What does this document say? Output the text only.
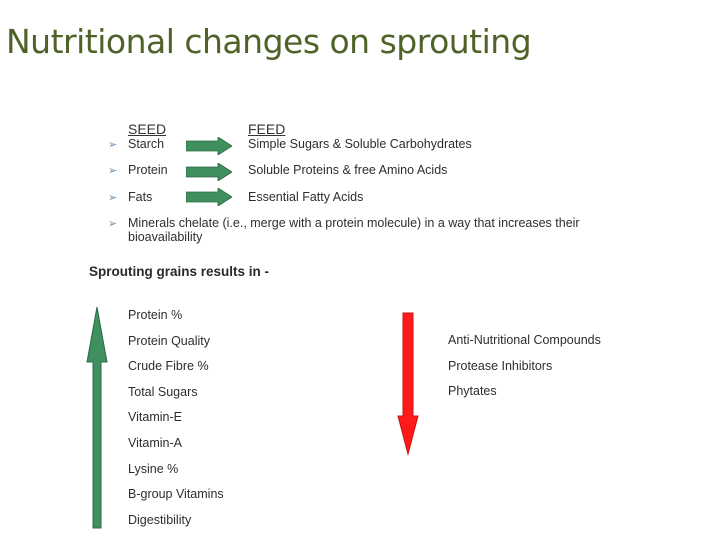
Nutritional changes on sprouting
SEED	FEED
➢ Starch	Simple Sugars & Soluble Carbohydrates
➢ Protein	Soluble Proteins & free Amino Acids
➢ Fats	Essential Fatty Acids
➢ Minerals chelate (i.e., merge with a protein molecule) in a way that increases their
bioavailability
Sprouting grains results in -
Protein %
Protein Quality
Crude Fibre %
Total Sugars
Vitamin-E
Vitamin-A
Lysine %
B-group Vitamins
Digestibility
Anti-Nutritional Compounds
Protease Inhibitors
Phytates
